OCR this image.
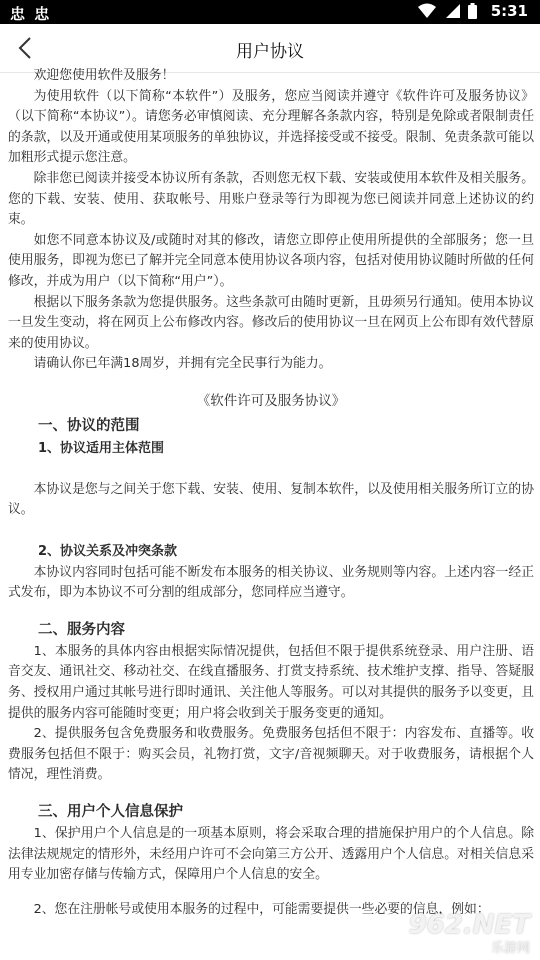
忠 忠	5:31
用户协议

欢迎您使用软件及服务！

为使用软件（以下简称“本软件”）及服务，您应当阅读并遵守《软件许可及服务协议》（以下简称“本协议”）。请您务必审慎阅读、充分理解各条款内容，特别是免除或者限制责任的条款，以及开通或使用某项服务的单独协议，并选择接受或不接受。限制、免责条款可能以加粗形式提示您注意。

除非您已阅读并接受本协议所有条款，否则您无权下载、安装或使用本软件及相关服务。您的下载、安装、使用、获取帐号、用账户登录等行为即视为您已阅读并同意上述协议的约束。

如您不同意本协议及/或随时对其的修改，请您立即停止使用所提供的全部服务；您一旦使用服务，即视为您已了解并完全同意本使用协议各项内容，包括对使用协议随时所做的任何修改，并成为用户（以下简称“用户”）。

根据以下服务条款为您提供服务。这些条款可由随时更新，且毋须另行通知。使用本协议一旦发生变动，将在网页上公布修改内容。修改后的使用协议一旦在网页上公布即有效代替原来的使用协议。

请确认你已年满18周岁，并拥有完全民事行为能力。

《软件许可及服务协议》

一、协议的范围
1、协议适用主体范围

本协议是您与之间关于您下载、安装、使用、复制本软件，以及使用相关服务所订立的协议。

2、协议关系及冲突条款

本协议内容同时包括可能不断发布本服务的相关协议、业务规则等内容。上述内容一经正式发布，即为本协议不可分割的组成部分，您同样应当遵守。

二、服务内容

1、本服务的具体内容由根据实际情况提供，包括但不限于提供系统登录、用户注册、语音交友、通讯社交、移动社交、在线直播服务、打赏支持系统、技术维护支撑、指导、答疑服务、授权用户通过其帐号进行即时通讯、关注他人等服务。可以对其提供的服务予以变更，且提供的服务内容可能随时变更；用户将会收到关于服务变更的通知。

2、提供服务包含免费服务和收费服务。免费服务包括但不限于：内容发布、直播等。收费服务包括但不限于：购买会员，礼物打赏，文字/音视频聊天。对于收费服务，请根据个人情况，理性消费。

三、用户个人信息保护

1、保护用户个人信息是的一项基本原则，将会采取合理的措施保护用户的个人信息。除法律法规规定的情形外，未经用户许可不会向第三方公开、透露用户个人信息。对相关信息采用专业加密存储与传输方式，保障用户个人信息的安全。

2、您在注册帐号或使用本服务的过程中，可能需要提供一些必要的信息，例如：

962.NET
乐游网
